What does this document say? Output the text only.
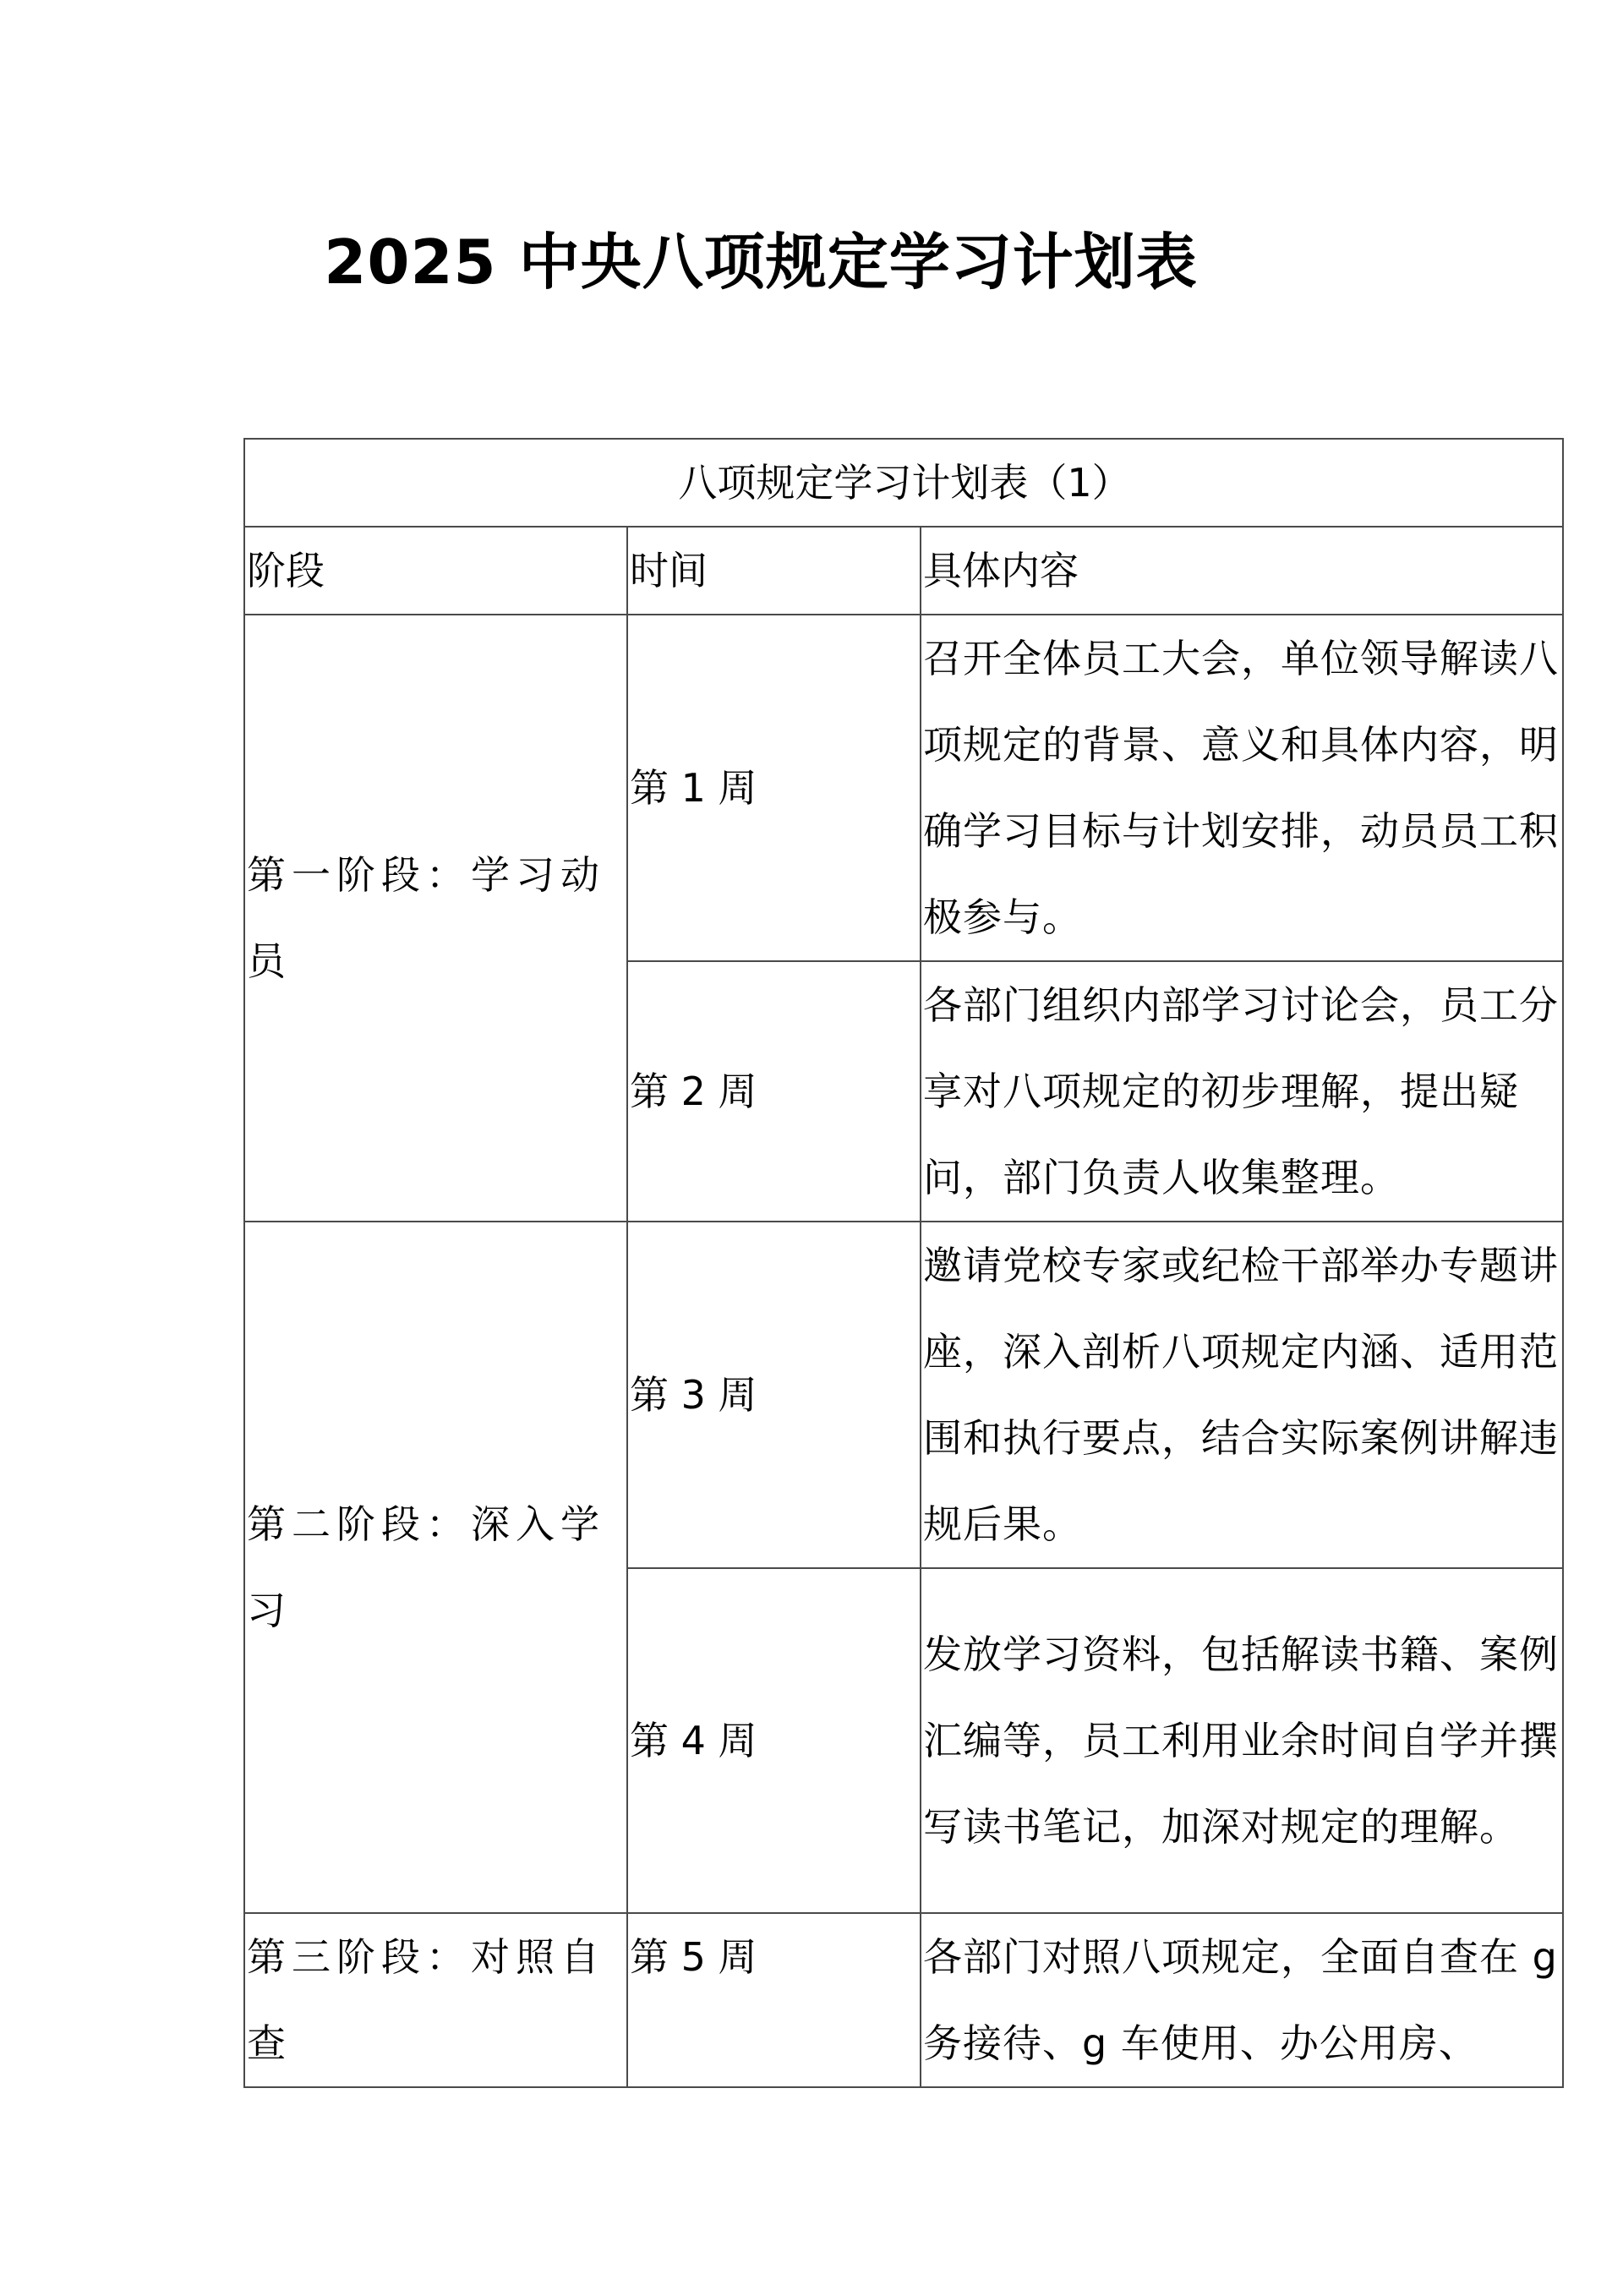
2025 中央八项规定学习计划表
八项规定学习计划表（1）		
阶段	时间	具体内容
第一阶段：学习动员	第 1 周	召开全体员工大会，单位领导解读八项规定的背景、意义和具体内容，明确学习目标与计划安排，动员员工积极参与。
	第 2 周	各部门组织内部学习讨论会，员工分享对八项规定的初步理解，提出疑问，部门负责人收集整理。
第二阶段：深入学习	第 3 周	邀请党校专家或纪检干部举办专题讲座，深入剖析八项规定内涵、适用范围和执行要点，结合实际案例讲解违规后果。
	第 4 周	发放学习资料，包括解读书籍、案例汇编等，员工利用业余时间自学并撰写读书笔记，加深对规定的理解。
第三阶段：对照自查	第 5 周	各部门对照八项规定，全面自查在 g 务接待、g 车使用、办公用房、
